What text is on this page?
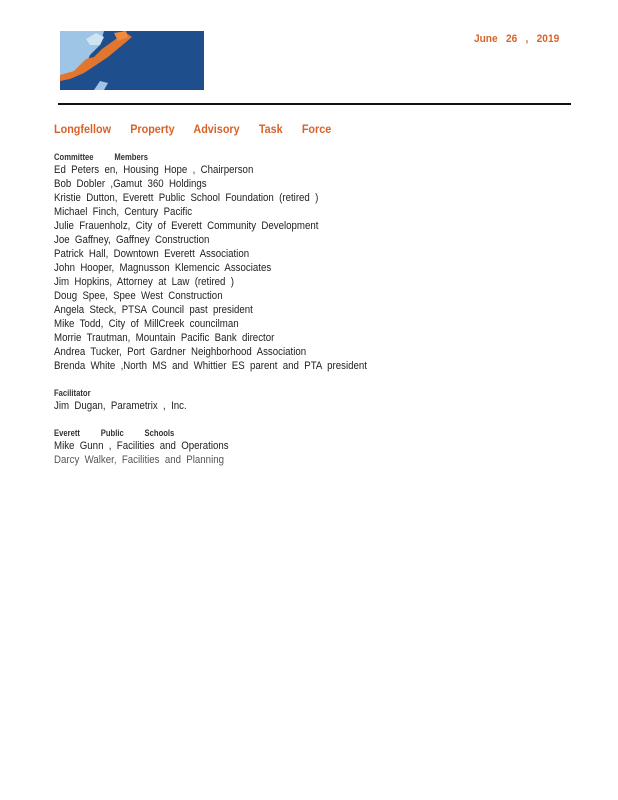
June 26 , 2019
Longfellow Property Advisory Task Force
Committee Members
Ed Peters en, Housing Hope , Chairperson
Bob Dobler ,Gamut 360 Holdings
Kristie Dutton, Everett Public School Foundation (retired )
Michael Finch, Century Pacific
Julie Frauenholz, City of Everett Community Development
Joe Gaffney, Gaffney Construction
Patrick Hall, Downtown Everett Association
John Hooper, Magnusson Klemencic Associates
Jim Hopkins, Attorney at Law (retired )
Doug Spee, Spee West Construction
Angela Steck, PTSA Council past president
Mike Todd, City of MillCreek councilman
Morrie Trautman, Mountain Pacific Bank director
Andrea Tucker, Port Gardner Neighborhood Association
Brenda White ,North MS and Whittier ES parent and PTA president
Facilitator
Jim Dugan, Parametrix , Inc.
Everett Public Schools
Mike Gunn , Facilities and Operations
Darcy Walker, Facilities and Planning
